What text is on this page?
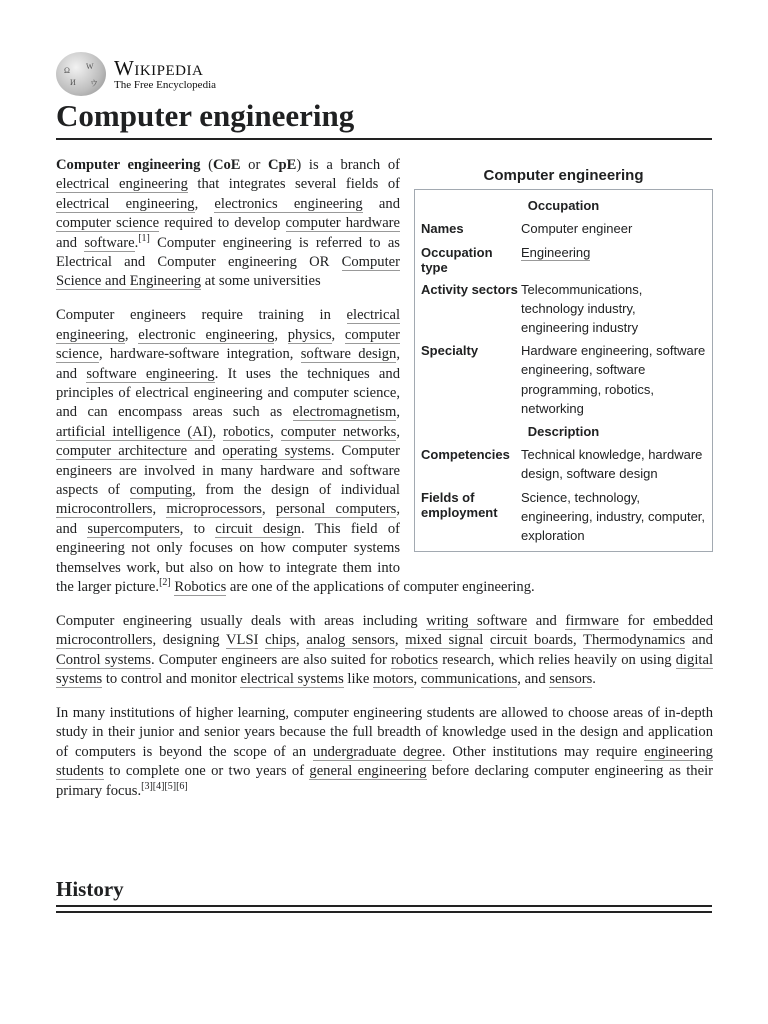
Ω W
И ウ
Wikipedia
The Free Encyclopedia
Computer engineering
Computer engineering
Occupation
Names	Computer engineer
Occupation type
Engineering
Activity sectors Telecommunications, technology industry, engineering industry
Specialty	Hardware engineering, software engineering, software programming, robotics, networking
Description
Competencies Technical knowledge, hardware design, software design
Fields of employment
Science, technology, engineering, industry, computer, exploration

Computer engineering (CoE or CpE) is a branch of electrical engineering that integrates several fields of electrical engineering, electronics engineering and computer science required to develop computer hardware and software.[1] Computer engineering is referred to as Electrical and Computer engineering OR Computer Science and Engineering at some universities

Computer engineers require training in electrical engineering, electronic engineering, physics, computer science, hardware-software integration, software design, and software engineering. It uses the techniques and principles of electrical engineering and computer science, and can encompass areas such as electromagnetism, artificial intelligence (AI), robotics, computer networks, computer architecture and operating systems. Computer engineers are involved in many hardware and software aspects of computing, from the design of individual microcontrollers, microprocessors, personal computers, and supercomputers, to circuit design. This field of engineering not only focuses on how computer systems themselves work, but also on how to integrate them into the larger picture.[2] Robotics are one of the applications of computer engineering.

Computer engineering usually deals with areas including writing software and firmware for embedded microcontrollers, designing VLSI chips, analog sensors, mixed signal circuit boards, Thermodynamics and Control systems. Computer engineers are also suited for robotics research, which relies heavily on using digital systems to control and monitor electrical systems like motors, communications, and sensors.

In many institutions of higher learning, computer engineering students are allowed to choose areas of in-depth study in their junior and senior years because the full breadth of knowledge used in the design and application of computers is beyond the scope of an undergraduate degree. Other institutions may require engineering students to complete one or two years of general engineering before declaring computer engineering as their primary focus.[3][4][5][6]

History
